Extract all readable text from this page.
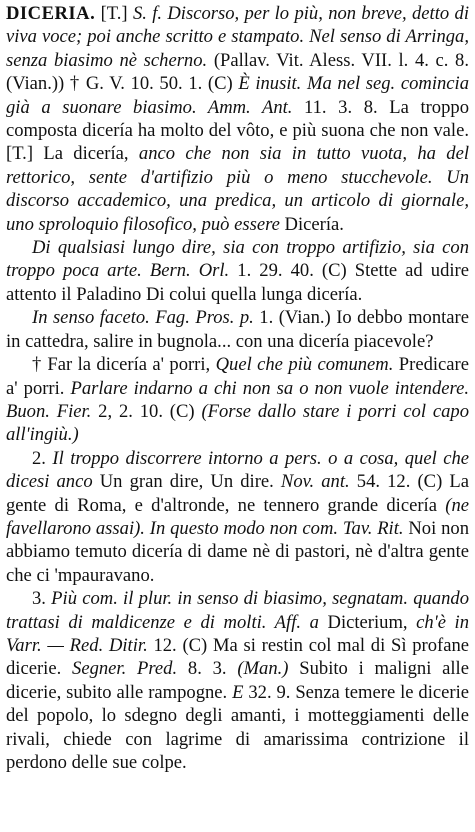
DICERIA. [T.] S. f. Discorso, per lo più, non breve, detto di viva voce; poi anche scritto e stampato. Nel senso di Arringa, senza biasimo nè scherno. (Pallav. Vit. Aless. VII. l. 4. c. 8. (Vian.)) † G. V. 10. 50. 1. (C) È inusit. Ma nel seg. comincia già a suonare biasimo. Amm. Ant. 11. 3. 8. La troppo composta dicería ha molto del vôto, e più suona che non vale. [T.] La dicería, anco che non sia in tutto vuota, ha del rettorico, sente d'artifizio più o meno stucchevole. Un discorso accademico, una predica, un articolo di giornale, uno sproloquio filosofico, può essere Dicería.

Di qualsiasi lungo dire, sia con troppo artifizio, sia con troppo poca arte. Bern. Orl. 1. 29. 40. (C) Stette ad udire attento il Paladino Di colui quella lunga dicería.

In senso faceto. Fag. Pros. p. 1. (Vian.) Io debbo montare in cattedra, salire in bugnola... con una dicería piacevole?

† Far la dicería a' porri, Quel che più comunem. Predicare a' porri. Parlare indarno a chi non sa o non vuole intendere. Buon. Fier. 2, 2. 10. (C) (Forse dallo stare i porri col capo all'ingiù.)

2. Il troppo discorrere intorno a pers. o a cosa, quel che dicesi anco Un gran dire, Un dire. Nov. ant. 54. 12. (C) La gente di Roma, e d'altronde, ne tennero grande dicería (ne favellarono assai). In questo modo non com. Tav. Rit. Noi non abbiamo temuto dicería di dame nè di pastori, nè d'altra gente che ci 'mpauravano.

3. Più com. il plur. in senso di biasimo, segnatam. quando trattasi di maldicenze e di molti. Aff. a Dicterium, ch'è in Varr. — Red. Ditir. 12. (C) Ma si restin col mal di Sì profane dicerie. Segner. Pred. 8. 3. (Man.) Subito i maligni alle dicerie, subito alle rampogne. E 32. 9. Senza temere le dicerie del popolo, lo sdegno degli amanti, i motteggiamenti delle rivali, chiede con lagrime di amarissima contrizione il perdono delle sue colpe.
